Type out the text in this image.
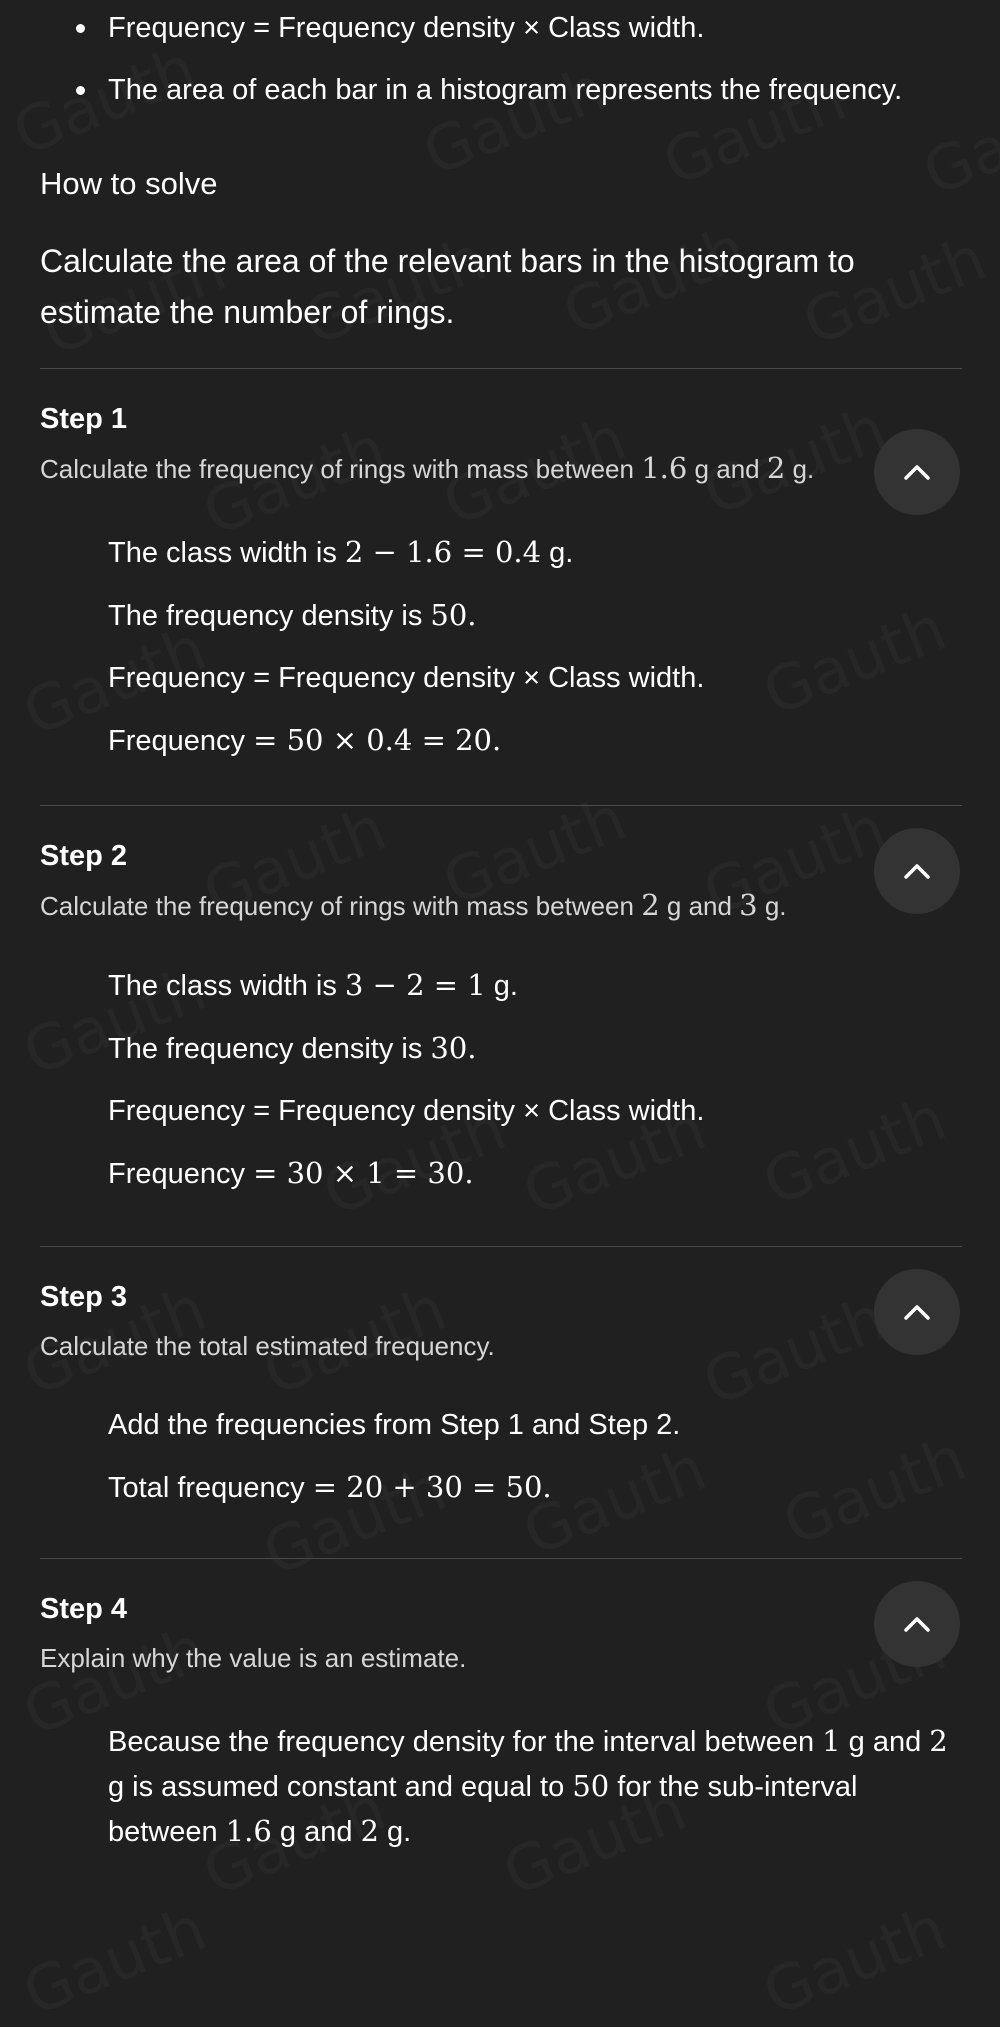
Frequency = Frequency density × Class width.
The area of each bar in a histogram represents the frequency.
How to solve
Calculate the area of the relevant bars in the histogram to estimate the number of rings.
Step 1
Calculate the frequency of rings with mass between 1.6 g and 2 g.
The class width is 2 − 1.6 = 0.4 g.
The frequency density is 50.
Frequency = Frequency density × Class width.
Frequency = 50 × 0.4 = 20.
Step 2
Calculate the frequency of rings with mass between 2 g and 3 g.
The class width is 3 − 2 = 1 g.
The frequency density is 30.
Frequency = Frequency density × Class width.
Frequency = 30 × 1 = 30.
Step 3
Calculate the total estimated frequency.
Add the frequencies from Step 1 and Step 2.
Total frequency = 20 + 30 = 50.
Step 4
Explain why the value is an estimate.
Because the frequency density for the interval between 1 g and 2 g is assumed constant and equal to 50 for the sub-interval between 1.6 g and 2 g.
